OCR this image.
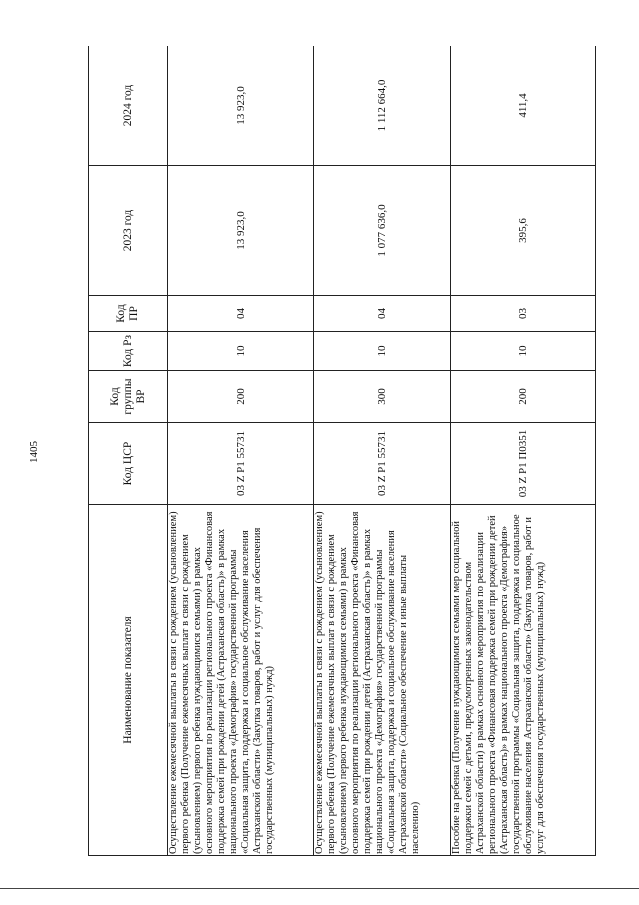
1405
Наименование показателя	Код ЦСР	Код группы ВР	Код Рз	Код ПР	2023 год	2024 год
Осуществление ежемесячной выплаты в связи с рождением (усыновлением) первого ребенка (Получение ежемесячных выплат в связи с рождением (усыновлением) первого ребенка нуждающимися семьями) в рамках основного мероприятия по реализации регионального проекта «Финансовая поддержка семей при рождении детей (Астраханская область)» в рамках национального проекта «Демография» государственной программы «Социальная защита, поддержка и социальное обслуживание населения Астраханской области» (Закупка товаров, работ и услуг для обеспечения государственных (муниципальных) нужд)	03 Z P1 55731	200	10	04	13 923,0	13 923,0
Осуществление ежемесячной выплаты в связи с рождением (усыновлением) первого ребенка (Получение ежемесячных выплат в связи с рождением (усыновлением) первого ребенка нуждающимися семьями) в рамках основного мероприятия по реализации регионального проекта «Финансовая поддержка семей при рождении детей (Астраханская область)» в рамках национального проекта «Демография» государственной программы «Социальная защита, поддержка и социальное обслуживание населения Астраханской области» (Социальное обеспечение и иные выплаты населению)	03 Z P1 55731	300	10	04	1 077 636,0	1 112 664,0
Пособие на ребенка (Получение нуждающимися семьями мер социальной поддержки семей с детьми, предусмотренных законодательством Астраханской области) в рамках основного мероприятия по реализации регионального проекта «Финансовая поддержка семей при рождении детей (Астраханская область)» в рамках национального проекта «Демография» государственной программы «Социальная защита, поддержка и социальное обслуживание населения Астраханской области» (Закупка товаров, работ и услуг для обеспечения государственных (муниципальных) нужд)	03 Z P1 П0351	200	10	03	395,6	411,4
